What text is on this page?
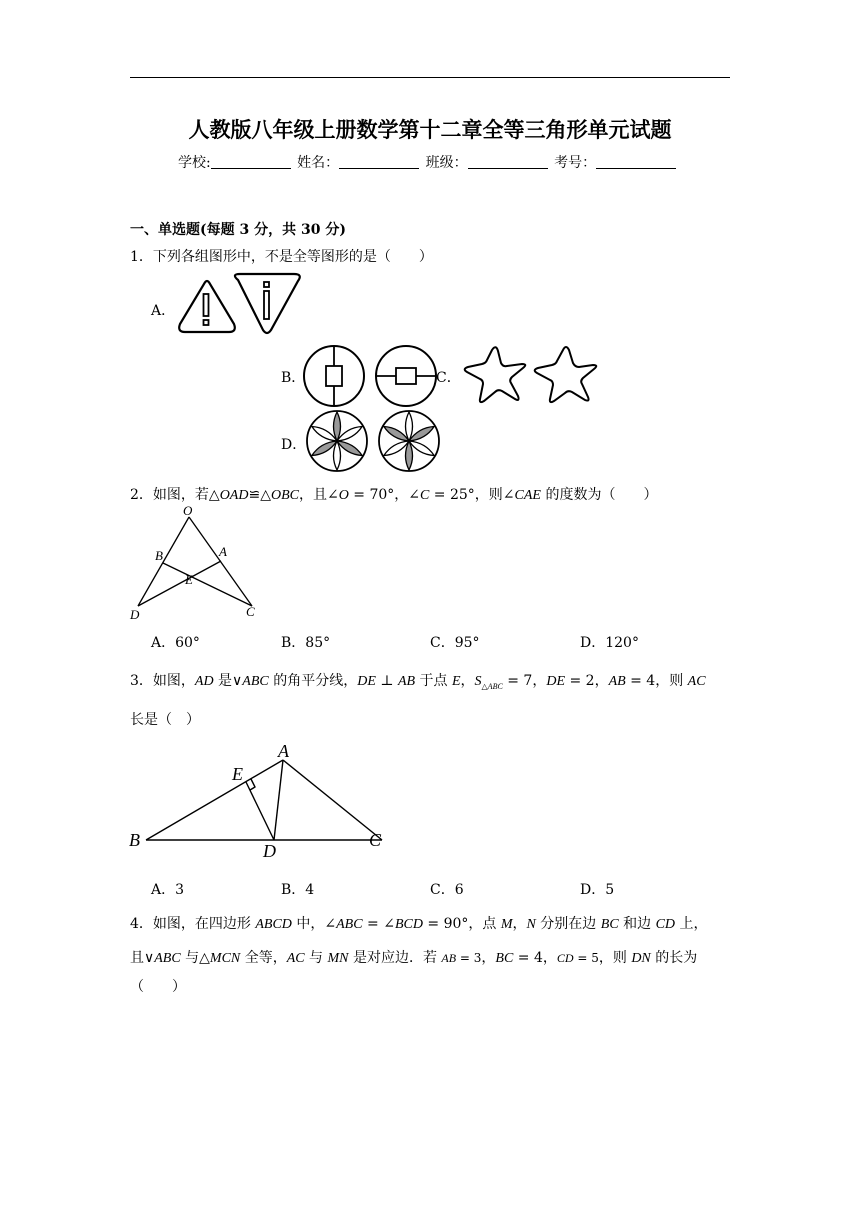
人教版八年级上册数学第十二章全等三角形单元试题
学校:	姓名：	班级：	考号：
一、单选题(每题 3 分，共 30 分)
1．下列各组图形中，不是全等图形的是（　　）
A．
B．	C．
D．
2．如图，若△OAD≌△OBC，且∠O = 70°，∠C = 25°，则∠CAE 的度数为（　　）
O
B	A
E
D	C
A．60°	B．85°	C．95°	D．120°
3．如图，AD 是∨ABC 的角平分线，DE ⊥ AB 于点 E，$S_{\triangle ABC} = 7$，DE = 2，AB = 4，则 AC
长是（　）
A
E
B
D
C
A．3	B．4	C．6	D．5
4．如图，在四边形 ABCD 中，∠ABC = ∠BCD = 90°，点 M，N 分别在边 BC 和边 CD 上，
且∨ABC 与△MCN 全等，AC 与 MN 是对应边．若 AB = 3，BC = 4，CD = 5，则 DN 的长为
（　　）
